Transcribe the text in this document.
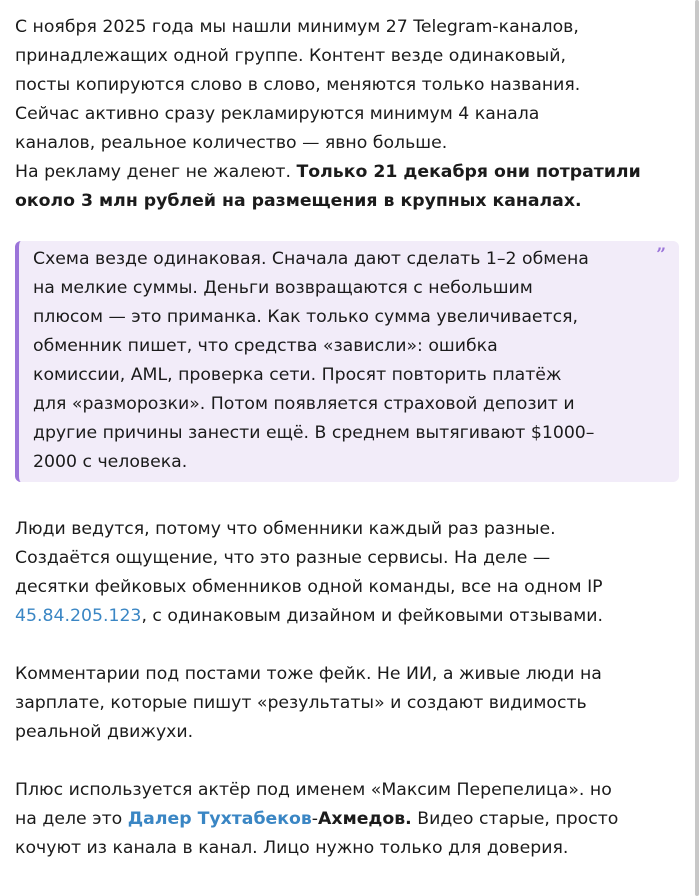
С ноября 2025 года мы нашли минимум 27 Telegram-каналов,
принадлежащих одной группе. Контент везде одинаковый,
посты копируются слово в слово, меняются только названия.
Сейчас активно сразу рекламируются минимум 4 канала
каналов, реальное количество — явно больше.
На рекламу денег не жалеют. Только 21 декабря они потратили
около 3 млн рублей на размещения в крупных каналах.
”
Схема везде одинаковая. Сначала дают сделать 1–2 обмена
на мелкие суммы. Деньги возвращаются с небольшим
плюсом — это приманка. Как только сумма увеличивается,
обменник пишет, что средства «зависли»: ошибка
комиссии, AML, проверка сети. Просят повторить платёж
для «разморозки». Потом появляется страховой депозит и
другие причины занести ещё. В среднем вытягивают $1000–
2000 с человека.
Люди ведутся, потому что обменники каждый раз разные.
Создаётся ощущение, что это разные сервисы. На деле —
десятки фейковых обменников одной команды, все на одном IP
45.84.205.123, с одинаковым дизайном и фейковыми отзывами.
Комментарии под постами тоже фейк. Не ИИ, а живые люди на
зарплате, которые пишут «результаты» и создают видимость
реальной движухи.
Плюс используется актёр под именем «Максим Перепелица». но
на деле это Далер Тухтабеков-Ахмедов. Видео старые, просто
кочуют из канала в канал. Лицо нужно только для доверия.
